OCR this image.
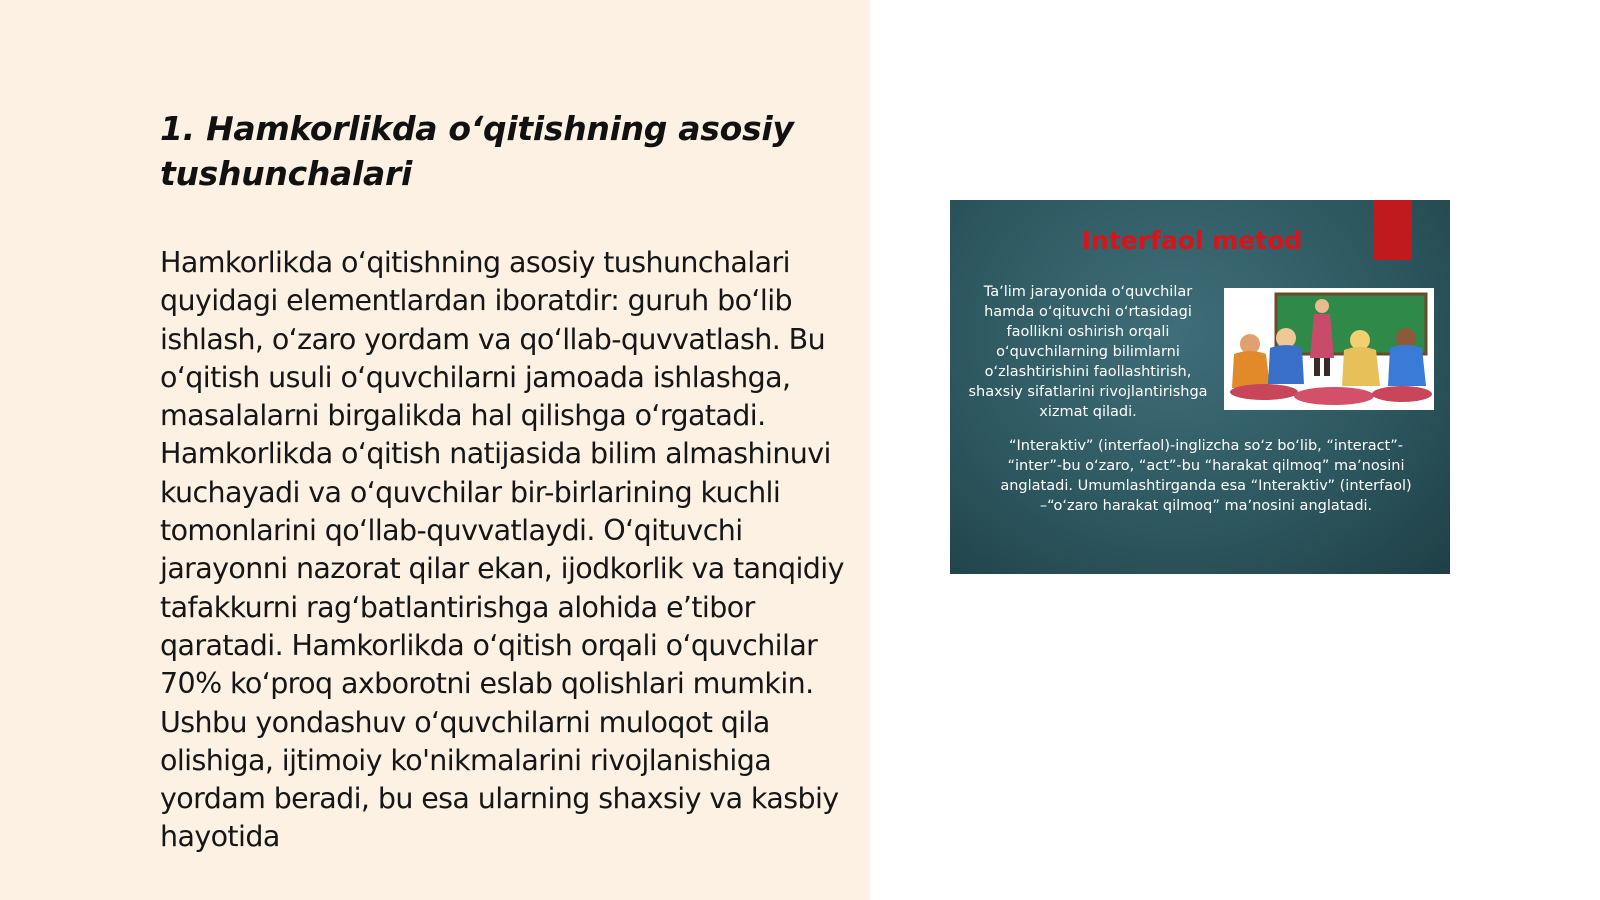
1. Hamkorlikda oʻqitishning asosiy tushunchalari

Hamkorlikda oʻqitishning asosiy tushunchalari quyidagi elementlardan iboratdir: guruh boʻlib ishlash, oʻzaro yordam va qoʻllab-quvvatlash. Bu oʻqitish usuli oʻquvchilarni jamoada ishlashga, masalalarni birgalikda hal qilishga oʻrgatadi. Hamkorlikda oʻqitish natijasida bilim almashinuvi kuchayadi va oʻquvchilar bir-birlarining kuchli tomonlarini qoʻllab-quvvatlaydi. Oʻqituvchi jarayonni nazorat qilar ekan, ijodkorlik va tanqidiy tafakkurni ragʻbatlantirishga alohida eʼtibor qaratadi. Hamkorlikda oʻqitish orqali oʻquvchilar 70% koʻproq axborotni eslab qolishlari mumkin. Ushbu yondashuv oʻquvchilarni muloqot qila olishiga, ijtimoiy ko'nikmalarini rivojlanishiga yordam beradi, bu esa ularning shaxsiy va kasbiy hayotida

Interfaol metod
Taʼlim jarayonida oʻquvchilar hamda oʻqituvchi oʻrtasidagi faollikni oshirish orqali oʻquvchilarning bilimlarni oʻzlashtirishini faollashtirish, shaxsiy sifatlarini rivojlantirishga xizmat qiladi.
“Interaktiv” (interfaol)-inglizcha soʻz boʻlib, “interact”- “inter”-bu oʻzaro, “act”-bu “harakat qilmoq” maʼnosini anglatadi. Umumlashtirganda esa “Interaktiv” (interfaol) –“oʻzaro harakat qilmoq” maʼnosini anglatadi.
